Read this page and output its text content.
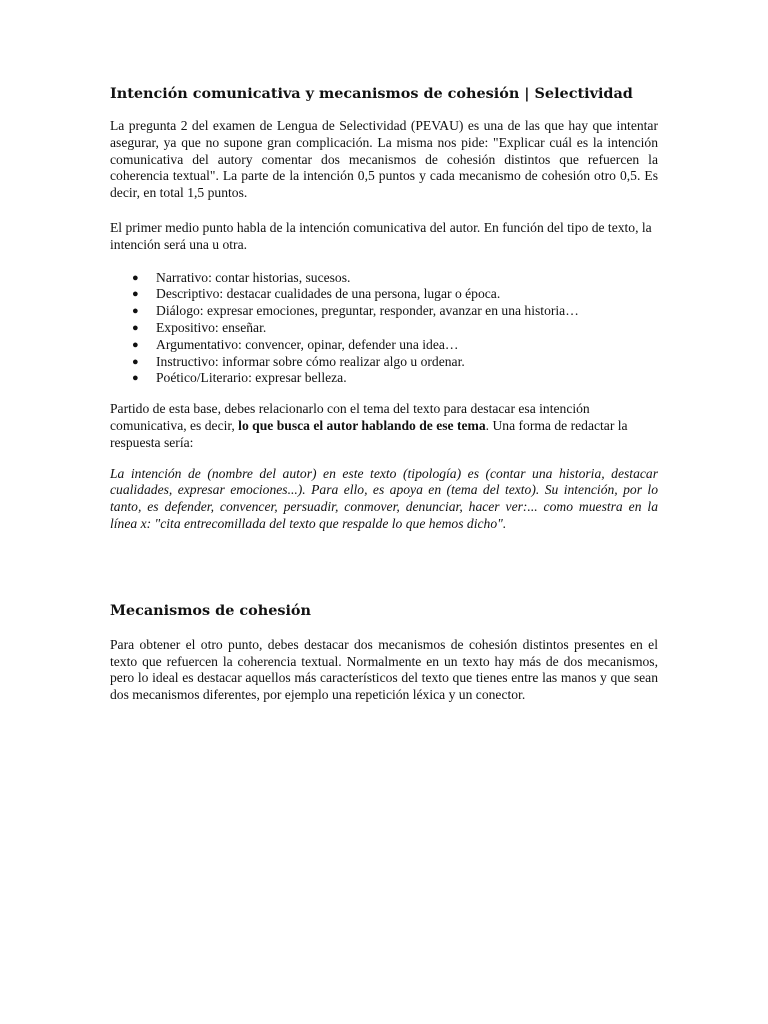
Intención comunicativa y mecanismos de cohesión | Selectividad

La pregunta 2 del examen de Lengua de Selectividad (PEVAU) es una de las que hay que intentar asegurar, ya que no supone gran complicación. La misma nos pide: "Explicar cuál es la intención comunicativa del autory comentar dos mecanismos de cohesión distintos que refuercen la coherencia textual". La parte de la intención 0,5 puntos y cada mecanismo de cohesión otro 0,5. Es decir, en total 1,5 puntos.

El primer medio punto habla de la intención comunicativa del autor. En función del tipo de texto, la intención será una u otra.

● Narrativo: contar historias, sucesos.
● Descriptivo: destacar cualidades de una persona, lugar o época.
● Diálogo: expresar emociones, preguntar, responder, avanzar en una historia…
● Expositivo: enseñar.
● Argumentativo: convencer, opinar, defender una idea…
● Instructivo: informar sobre cómo realizar algo u ordenar.
● Poético/Literario: expresar belleza.

Partido de esta base, debes relacionarlo con el tema del texto para destacar esa intención comunicativa, es decir, lo que busca el autor hablando de ese tema. Una forma de redactar la respuesta sería:

La intención de (nombre del autor) en este texto (tipología) es (contar una historia, destacar cualidades, expresar emociones...). Para ello, es apoya en (tema del texto). Su intención, por lo tanto, es defender, convencer, persuadir, conmover, denunciar, hacer ver:... como muestra en la línea x: "cita entrecomillada del texto que respalde lo que hemos dicho".

Mecanismos de cohesión

Para obtener el otro punto, debes destacar dos mecanismos de cohesión distintos presentes en el texto que refuercen la coherencia textual. Normalmente en un texto hay más de dos mecanismos, pero lo ideal es destacar aquellos más característicos del texto que tienes entre las manos y que sean dos mecanismos diferentes, por ejemplo una repetición léxica y un conector.
